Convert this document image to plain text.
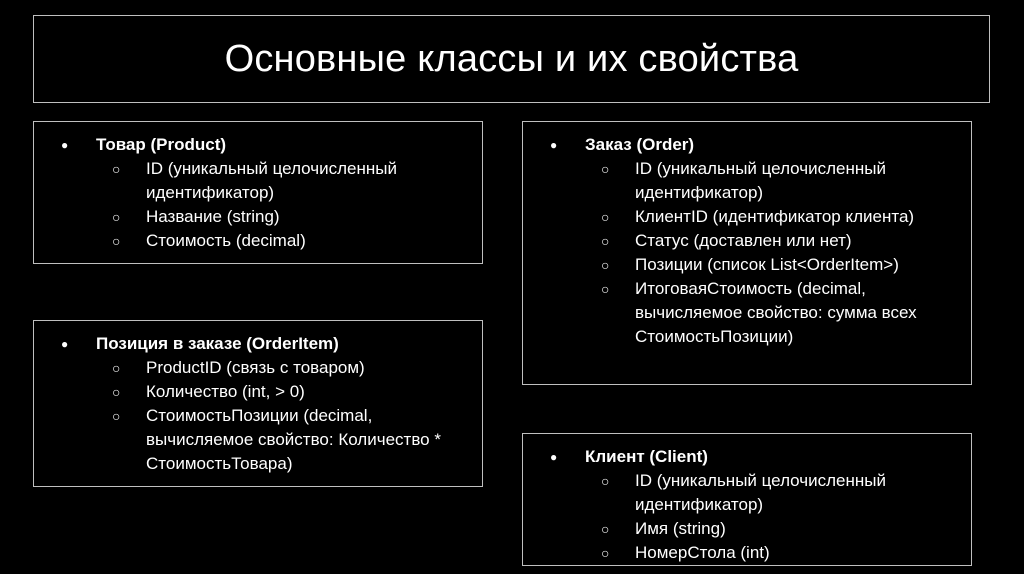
Основные классы и их свойства
● Товар (Product)
○ ID (уникальный целочисленный идентификатор)
○ Название (string)
○ Стоимость (decimal)
● Заказ (Order)
○ ID (уникальный целочисленный идентификатор)
○ КлиентID (идентификатор клиента)
○ Статус (доставлен или нет)
○ Позиции (список List<OrderItem>)
○ ИтоговаяСтоимость (decimal, вычисляемое свойство: сумма всех СтоимостьПозиции)
● Позиция в заказе (OrderItem)
○ ProductID (связь с товаром)
○ Количество (int, > 0)
○ СтоимостьПозиции (decimal, вычисляемое свойство: Количество * СтоимостьТовара)	● Клиент (Client)
○ ID (уникальный целочисленный идентификатор)
○ Имя (string)
○ НомерСтола (int)
